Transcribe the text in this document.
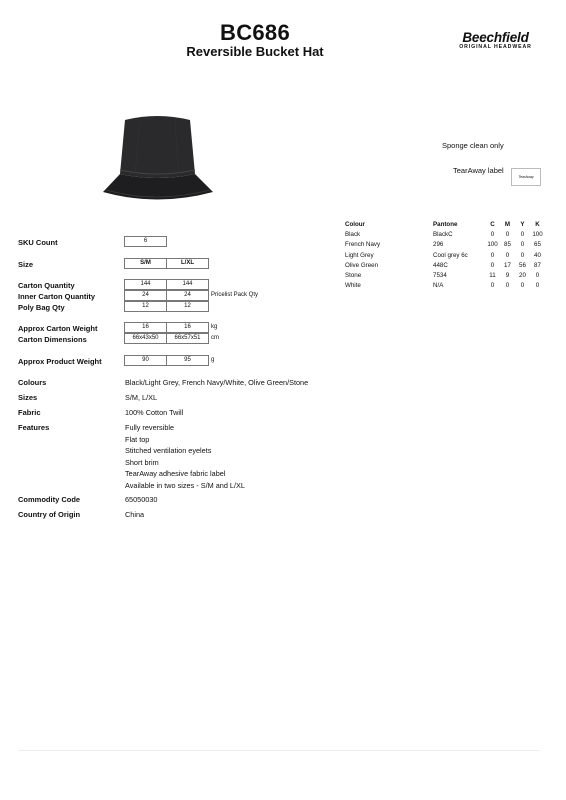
BC686
Reversible Bucket Hat
Beechfield
ORIGINAL HEADWEAR
Sponge clean only
TearAway label
TearAway
SKU Count	6
Size	S/M	L/XL
Carton Quantity	144	144
Inner Carton Quantity	24	24	Pricelist Pack Qty
Poly Bag Qty	12	12
Approx Carton Weight	16	16	kg
Carton Dimensions	66x43x50	66x57x51	cm
Approx Product Weight	90	95	g
Colours	Black/Light Grey, French Navy/White, Olive Green/Stone
Sizes	S/M, L/XL
Fabric	100% Cotton Twill
Features	Fully reversible
Flat top
Stitched ventilation eyelets
Short brim
TearAway adhesive fabric label
Available in two sizes - S/M and L/XL
Commodity Code	65050030
Country of Origin	China
Colour	Pantone	C	M	Y	K
Black	BlackC	0	0	0	100
French Navy	296	100	85	0	65
Light Grey	Cool grey 6c	0	0	0	40
Olive Green	448C	0	17	56	87
Stone	7534	11	9	20	0
White	N/A	0	0	0	0
